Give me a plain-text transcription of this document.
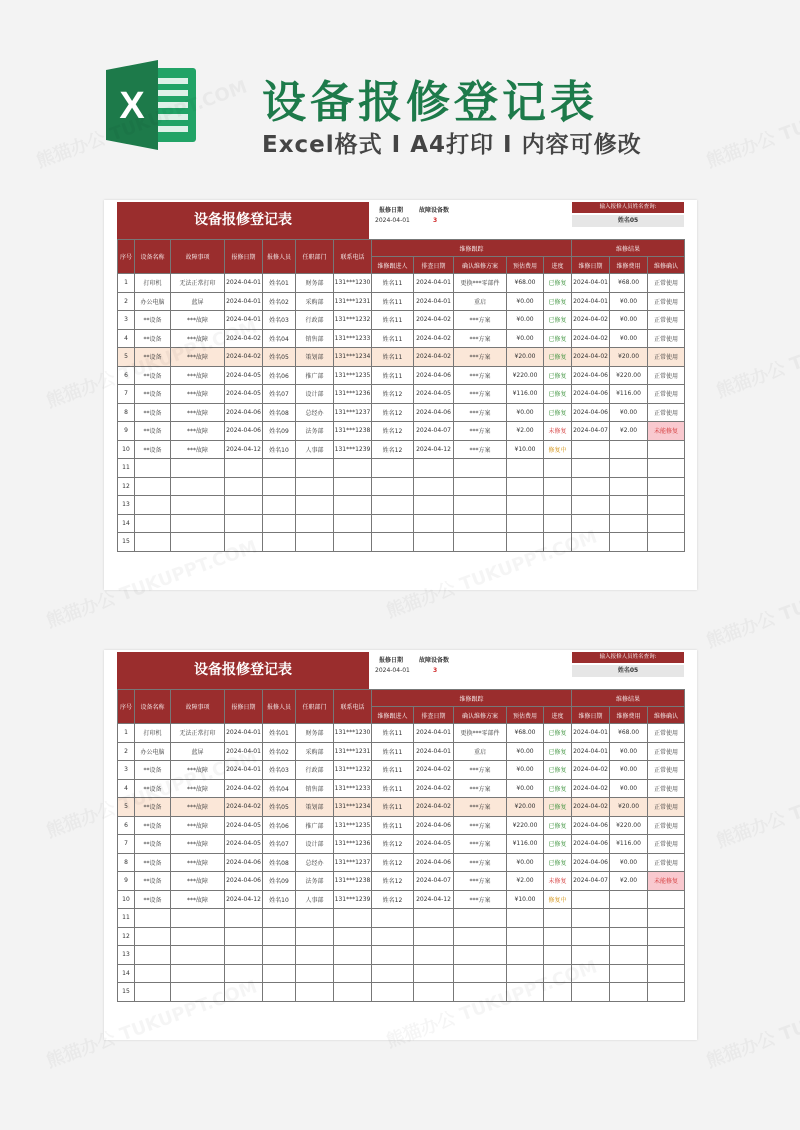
X	设备报修登记表
Excel格式 I A4打印 I 内容可修改
设备报修登记表
报修日期	故障设备数
2024-04-01	3
输入报修人员姓名查询:
姓名05
序号	设备名称	故障事项	报修日期	报修人员	任职部门	联系电话	维修跟踪					维修结果		
							维修跟进人	排查日期	确认维修方案	预估费用	进度	维修日期	维修费用	维修确认
1	打印机	无法正常打印	2024-04-01	姓名01	财务部	131***1230	姓名11	2024-04-01	更换***零部件	¥68.00	已修复	2024-04-01	¥68.00	正常使用
2	办公电脑	蓝屏	2024-04-01	姓名02	采购部	131***1231	姓名11	2024-04-01	重启	¥0.00	已修复	2024-04-01	¥0.00	正常使用
3	**设备	***故障	2024-04-01	姓名03	行政部	131***1232	姓名11	2024-04-02	***方案	¥0.00	已修复	2024-04-02	¥0.00	正常使用
4	**设备	***故障	2024-04-02	姓名04	销售部	131***1233	姓名11	2024-04-02	***方案	¥0.00	已修复	2024-04-02	¥0.00	正常使用
5	**设备	***故障	2024-04-02	姓名05	策划部	131***1234	姓名11	2024-04-02	***方案	¥20.00	已修复	2024-04-02	¥20.00	正常使用
6	**设备	***故障	2024-04-05	姓名06	推广部	131***1235	姓名11	2024-04-06	***方案	¥220.00	已修复	2024-04-06	¥220.00	正常使用
7	**设备	***故障	2024-04-05	姓名07	设计部	131***1236	姓名12	2024-04-05	***方案	¥116.00	已修复	2024-04-06	¥116.00	正常使用
8	**设备	***故障	2024-04-06	姓名08	总经办	131***1237	姓名12	2024-04-06	***方案	¥0.00	已修复	2024-04-06	¥0.00	正常使用
9	**设备	***故障	2024-04-06	姓名09	法务部	131***1238	姓名12	2024-04-07	***方案	¥2.00	未修复	2024-04-07	¥2.00	未能修复
10	**设备	***故障	2024-04-12	姓名10	人事部	131***1239	姓名12	2024-04-12	***方案	¥10.00	修复中			
11														
12														
13														
14														
15														
设备报修登记表
报修日期	故障设备数
2024-04-01	3
输入报修人员姓名查询:
姓名05
序号	设备名称	故障事项	报修日期	报修人员	任职部门	联系电话	维修跟踪					维修结果		
							维修跟进人	排查日期	确认维修方案	预估费用	进度	维修日期	维修费用	维修确认
1	打印机	无法正常打印	2024-04-01	姓名01	财务部	131***1230	姓名11	2024-04-01	更换***零部件	¥68.00	已修复	2024-04-01	¥68.00	正常使用
2	办公电脑	蓝屏	2024-04-01	姓名02	采购部	131***1231	姓名11	2024-04-01	重启	¥0.00	已修复	2024-04-01	¥0.00	正常使用
3	**设备	***故障	2024-04-01	姓名03	行政部	131***1232	姓名11	2024-04-02	***方案	¥0.00	已修复	2024-04-02	¥0.00	正常使用
4	**设备	***故障	2024-04-02	姓名04	销售部	131***1233	姓名11	2024-04-02	***方案	¥0.00	已修复	2024-04-02	¥0.00	正常使用
5	**设备	***故障	2024-04-02	姓名05	策划部	131***1234	姓名11	2024-04-02	***方案	¥20.00	已修复	2024-04-02	¥20.00	正常使用
6	**设备	***故障	2024-04-05	姓名06	推广部	131***1235	姓名11	2024-04-06	***方案	¥220.00	已修复	2024-04-06	¥220.00	正常使用
7	**设备	***故障	2024-04-05	姓名07	设计部	131***1236	姓名12	2024-04-05	***方案	¥116.00	已修复	2024-04-06	¥116.00	正常使用
8	**设备	***故障	2024-04-06	姓名08	总经办	131***1237	姓名12	2024-04-06	***方案	¥0.00	已修复	2024-04-06	¥0.00	正常使用
9	**设备	***故障	2024-04-06	姓名09	法务部	131***1238	姓名12	2024-04-07	***方案	¥2.00	未修复	2024-04-07	¥2.00	未能修复
10	**设备	***故障	2024-04-12	姓名10	人事部	131***1239	姓名12	2024-04-12	***方案	¥10.00	修复中			
11														
12														
13														
14														
15														
